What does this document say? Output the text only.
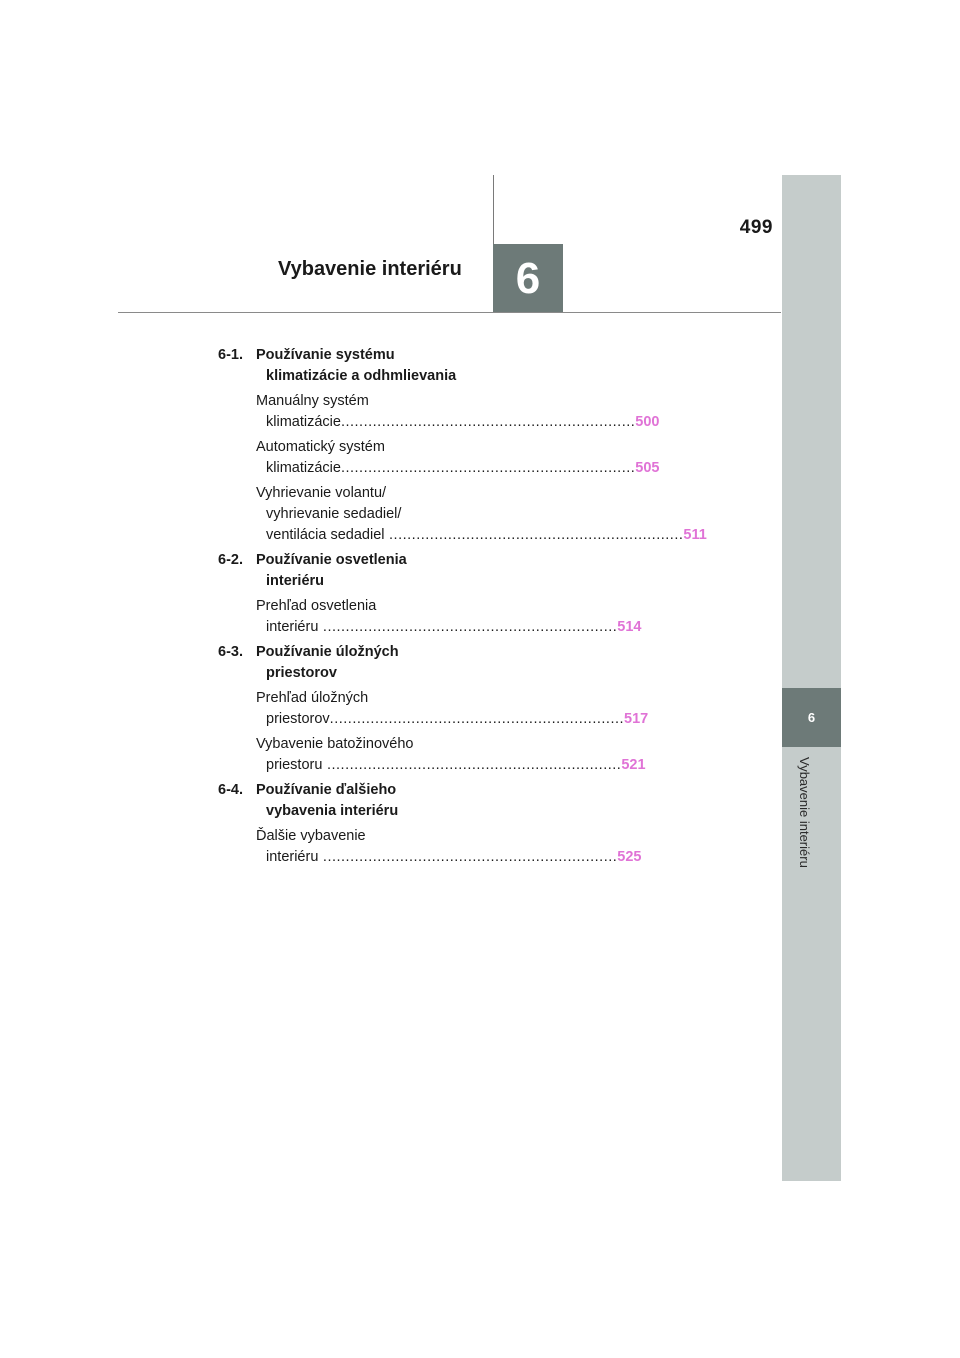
499
6
Vybavenie interiéru
6
Vybavenie interiéru
6-1. Používanie systému
klimatizácie a odhmlievania
Manuálny systém
klimatizácie ................................................................. 500
Automatický systém
klimatizácie ................................................................. 505
Vyhrievanie volantu/
vyhrievanie sedadiel/
ventilácia sedadiel ................................................................. 511
6-2. Používanie osvetlenia
interiéru
Prehľad osvetlenia
interiéru ................................................................. 514
6-3. Používanie úložných
priestorov
Prehľad úložných
priestorov ................................................................. 517
Vybavenie batožinového
priestoru ................................................................. 521
6-4. Používanie ďalšieho
vybavenia interiéru
Ďalšie vybavenie
interiéru ................................................................. 525
